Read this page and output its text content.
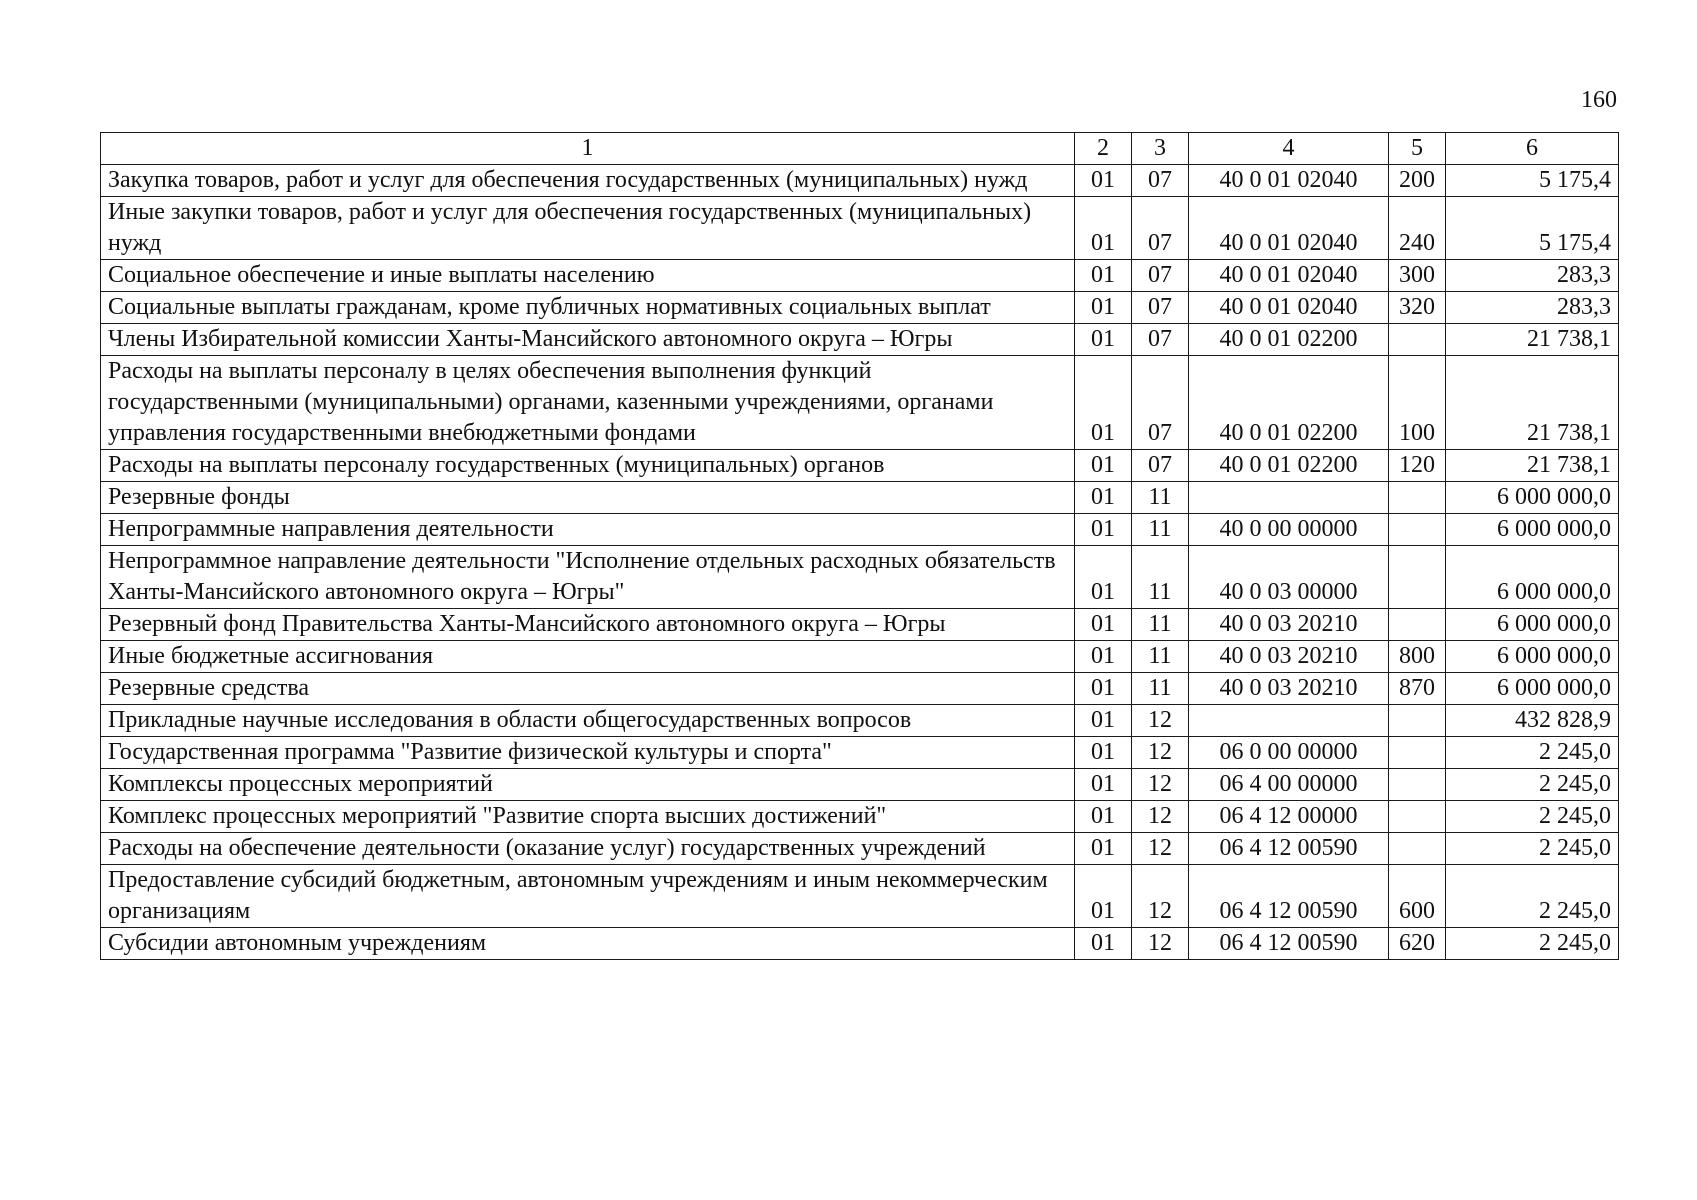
160
1	2	3	4	5	6
Закупка товаров, работ и услуг для обеспечения государственных (муниципальных) нужд	01	07	40 0 01 02040	200	5 175,4
Иные закупки товаров, работ и услуг для обеспечения государственных (муниципальных) нужд	01	07	40 0 01 02040	240	5 175,4
Социальное обеспечение и иные выплаты населению	01	07	40 0 01 02040	300	283,3
Социальные выплаты гражданам, кроме публичных нормативных социальных выплат	01	07	40 0 01 02040	320	283,3
Члены Избирательной комиссии Ханты-Мансийского автономного округа – Югры	01	07	40 0 01 02200		21 738,1
Расходы на выплаты персоналу в целях обеспечения выполнения функций государственными (муниципальными) органами, казенными учреждениями, органами управления государственными внебюджетными фондами	01	07	40 0 01 02200	100	21 738,1
Расходы на выплаты персоналу государственных (муниципальных) органов	01	07	40 0 01 02200	120	21 738,1
Резервные фонды	01	11			6 000 000,0
Непрограммные направления деятельности	01	11	40 0 00 00000		6 000 000,0
Непрограммное направление деятельности "Исполнение отдельных расходных обязательств Ханты-Мансийского автономного округа – Югры"	01	11	40 0 03 00000		6 000 000,0
Резервный фонд Правительства Ханты-Мансийского автономного округа – Югры	01	11	40 0 03 20210		6 000 000,0
Иные бюджетные ассигнования	01	11	40 0 03 20210	800	6 000 000,0
Резервные средства	01	11	40 0 03 20210	870	6 000 000,0
Прикладные научные исследования в области общегосударственных вопросов	01	12			432 828,9
Государственная программа "Развитие физической культуры и спорта"	01	12	06 0 00 00000		2 245,0
Комплексы процессных мероприятий	01	12	06 4 00 00000		2 245,0
Комплекс процессных мероприятий "Развитие спорта высших достижений"	01	12	06 4 12 00000		2 245,0
Расходы на обеспечение деятельности (оказание услуг) государственных учреждений	01	12	06 4 12 00590		2 245,0
Предоставление субсидий бюджетным, автономным учреждениям и иным некоммерческим организациям	01	12	06 4 12 00590	600	2 245,0
Субсидии автономным учреждениям	01	12	06 4 12 00590	620	2 245,0
